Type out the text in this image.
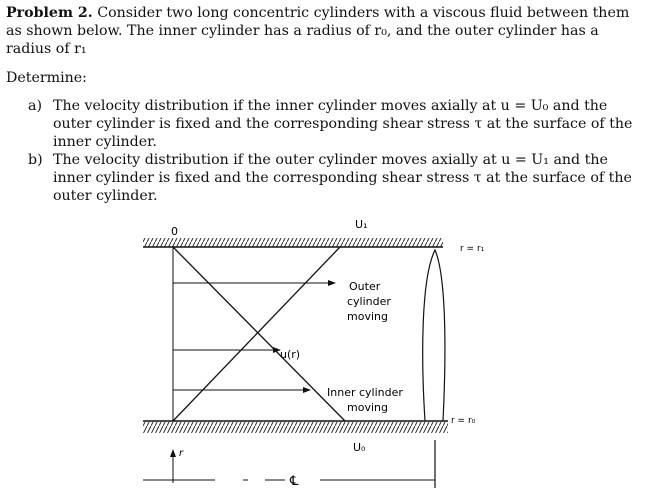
Problem 2. Consider two long concentric cylinders with a viscous fluid between them as shown below. The inner cylinder has a radius of r₀, and the outer cylinder has a radius of r₁

Determine:

a) The velocity distribution if the inner cylinder moves axially at u = U₀ and the outer cylinder is fixed and the corresponding shear stress τ at the surface of the inner cylinder.
b) The velocity distribution if the outer cylinder moves axially at u = U₁ and the inner cylinder is fixed and the corresponding shear stress τ at the surface of the outer cylinder.
0
U₁
r = r₁
Outer
cylinder
moving
u(r)
Inner cylinder
moving
r = r₀
U₀
r
℄
